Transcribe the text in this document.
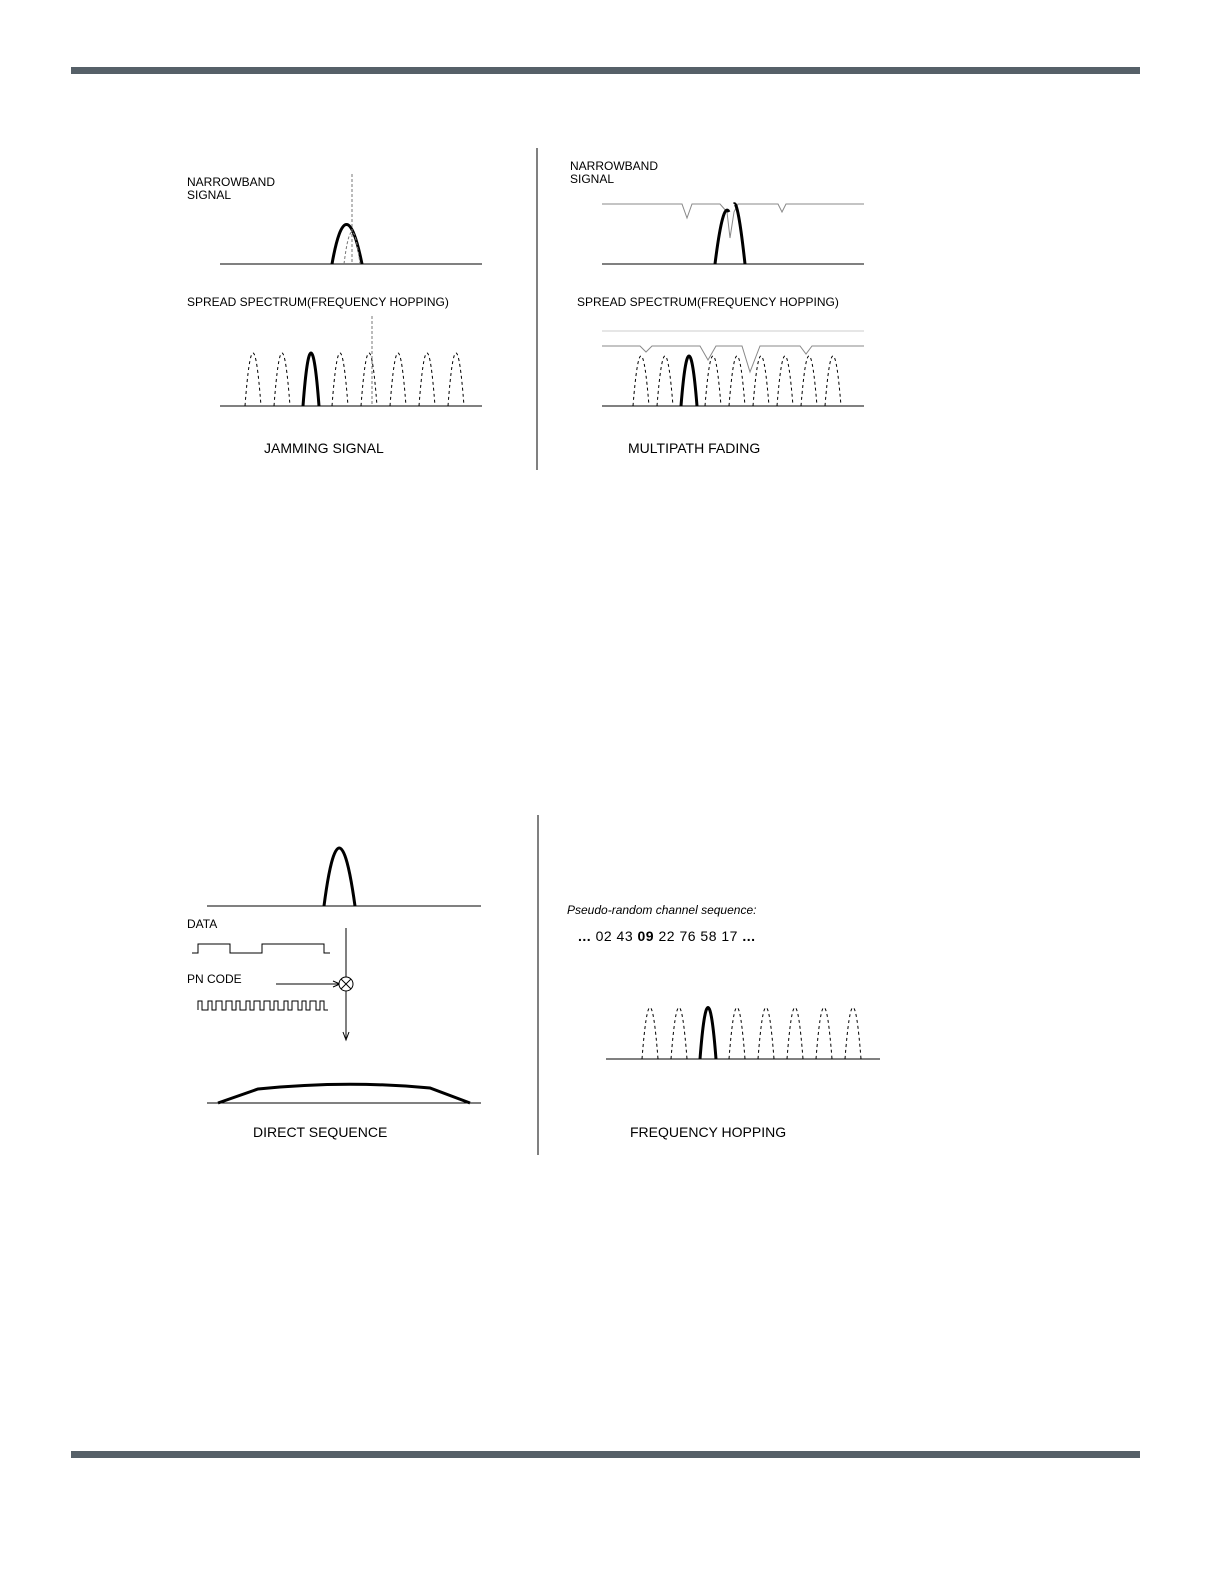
NARROWBAND
SIGNAL
SPREAD SPECTRUM(FREQUENCY HOPPING)
JAMMING SIGNAL
NARROWBAND
SIGNAL
SPREAD SPECTRUM(FREQUENCY HOPPING)
MULTIPATH FADING
DATA
PN CODE
DIRECT SEQUENCE
Pseudo-random channel sequence:
... 02 43 09 22 76 58 17 ...
FREQUENCY HOPPING
